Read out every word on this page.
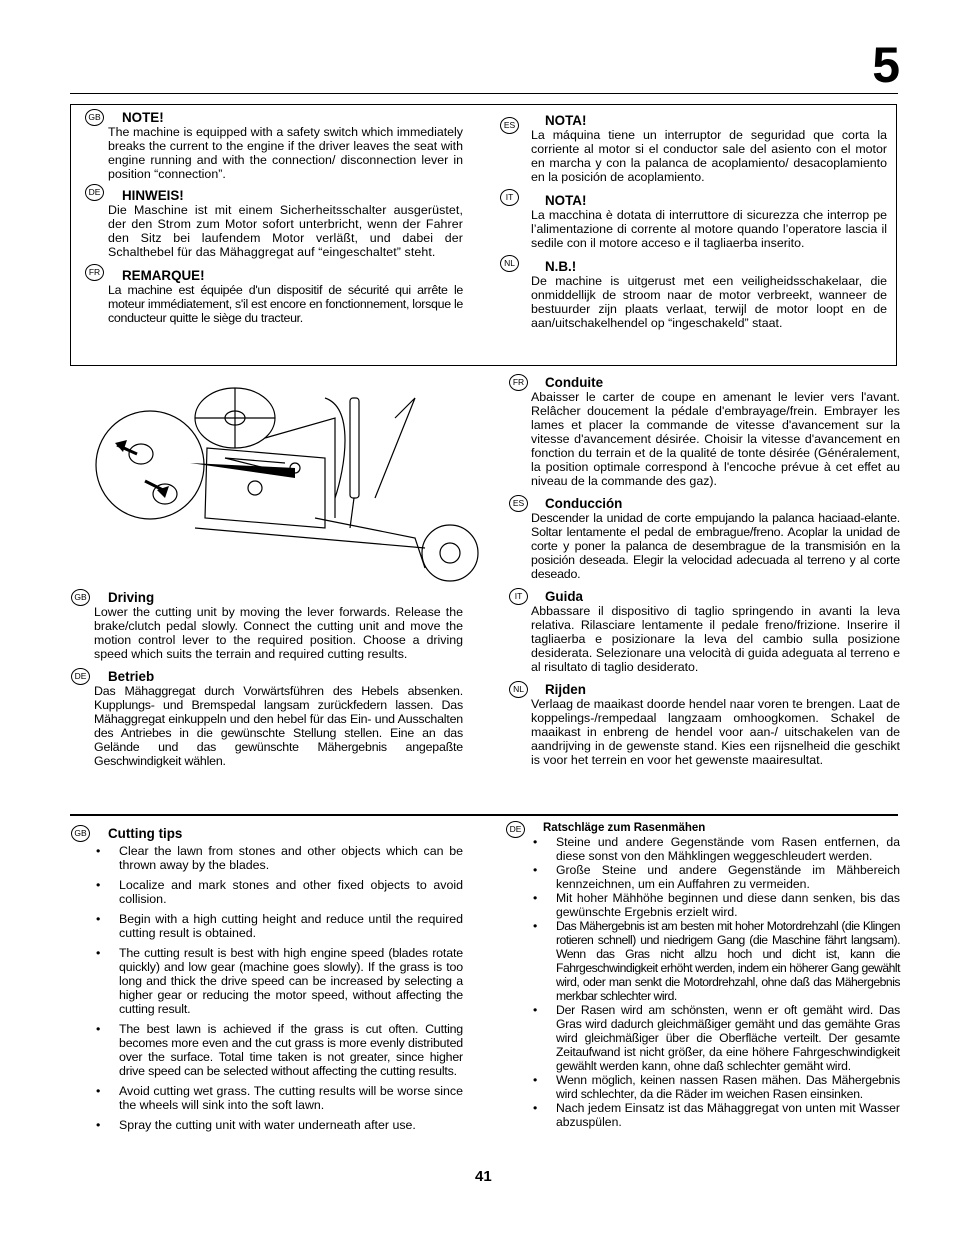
5
GB NOTE!

The machine is equipped with a safety switch which immediately breaks the current to the engine if the driver leaves the seat with engine running and with the connection/ disconnection lever in position “connection”.

DE HINWEIS!

Die Maschine ist mit einem Sicherheitsschalter ausgerüstet, der den Strom zum Motor sofort unterbricht, wenn der Fahrer den Sitz bei laufendem Motor verläßt, und dabei der Schalthebel für das Mähaggregat auf “eingeschaltet” steht.

FR REMARQUE!

La machine est équipée d'un dispositif de sécurité qui arrête le moteur immédiatement, s'il est encore en fonctionnement, lorsque le conducteur quitte le siège du tracteur.

ES NOTA!

La máquina tiene un interruptor de seguridad que corta la corriente al motor si el conductor sale del asiento con el motor en marcha y con la palanca de acoplamiento/ desacoplamiento en la posición de acoplamiento.

IT	NOTA!

La macchina è dotata di interruttore di sicurezza che interrop pe l’alimentazione di corrente al motore quando l’operatore lascia il sedile con il motore acceso e il tagliaerba inserito.

NL	N.B.!

De machine is uitgerust met een veiligheidsschakelaar, die onmiddellijk de stroom naar de motor verbreekt, wanneer de bestuurder zijn plaats verlaat, terwijl de motor loopt en de aan/uitschakelhendel op “ingeschakeld” staat.

GB Driving

Lower the cutting unit by moving the lever forwards. Release the brake/clutch pedal slowly. Connect the cutting unit and move the motion control lever to the required position. Choose a driving speed which suits the terrain and required cutting results.

DE Betrieb

Das Mähaggregat durch Vorwärtsführen des Hebels absenken. Kupplungs- und Bremspedal langsam zurückfedern lassen. Das Mähaggregat einkuppeln und den hebel für das Ein- und Ausschalten des Antriebes in die gewünschte Stellung stellen. Eine an das Gelände und das gewünschte Mähergebnis angepaßte Geschwindigkeit wählen.

FR Conduite

Abaisser le carter de coupe en amenant le levier vers l'avant. Relâcher doucement la pédale d'embrayage/frein. Embrayer les lames et placer la commande de vitesse d'avancement sur la vitesse d'avancement désirée. Choisir la vitesse d'avancement en fonction du terrain et de la qualité de tonte désirée (Généralement, la position optimale correspond à l'encoche prévue à cet effet au niveau de la commande des gaz).

ES Conducción

Descender la unidad de corte empujando la palanca haciaad-elante. Soltar lentamente el pedal de embrague/freno. Acoplar la unidad de corte y poner la palanca de desembrague de la transmisión en la posición deseada. Elegir la velocidad adecuada al terreno y al corte deseado.

IT	Guida

Abbassare il dispositivo di taglio springendo in avanti la leva relativa. Rilasciare lentamente il pedale freno/frizione. Inserire il tagliaerba e posizionare la leva del cambio sulla posizione desiderata. Selezionare una velocità di guida adeguata al terreno e al risultato di taglio desiderato.

NL	Rijden

Verlaag de maaikast doorde hendel naar voren te brengen. Laat de koppelings-/rempedaal langzaam omhoogkomen. Schakel de maaikast in enbreng de hendel voor aan-/ uitschakelen van de aandrijving in de gewenste stand. Kies een rijsnelheid die geschikt is voor het terrein en voor het gewenste maairesultat.

GB Cutting tips

• Clear the lawn from stones and other objects which can be thrown away by the blades.
• Localize and mark stones and other fixed objects to avoid collision.
• Begin with a high cutting height and reduce until the required cutting result is obtained.
• The cutting result is best with high engine speed (blades rotate quickly) and low gear (machine goes slowly). If the grass is too long and thick the drive speed can be increased by selecting a higher gear or reducing the motor speed, without affecting the cutting result.
• The best lawn is achieved if the grass is cut often. Cutting becomes more even and the cut grass is more evenly distributed over the surface. Total time taken is not greater, since higher drive speed can be selected without affecting the cutting results.
• Avoid cutting wet grass. The cutting results will be worse since the wheels will sink into the soft lawn.
• Spray the cutting unit with water underneath after use.
DE	Ratschläge zum Rasenmähen

• Steine und andere Gegenstände vom Rasen entfernen, da diese sonst von den Mähklingen weggeschleudert werden.
• Große Steine und andere Gegenstände im Mähbereich kennzeichnen, um ein Auffahren zu vermeiden.
• Mit hoher Mähhöhe beginnen und diese dann senken, bis das gewünschte Ergebnis erzielt wird.
• Das Mähergebnis ist am besten mit hoher Motordrehzahl (die Klingen rotieren schnell) und niedrigem Gang (die Maschine fährt langsam). Wenn das Gras nicht allzu hoch und dicht ist, kann die Fahrgeschwindigkeit erhöht werden, indem ein höherer Gang gewählt wird, oder man senkt die Motordrehzahl, ohne daß das Mähergebnis merkbar schlechter wird.
• Der Rasen wird am schönsten, wenn er oft gemäht wird. Das Gras wird dadurch gleichmäßiger gemäht und das gemähte Gras wird gleichmäßiger über die Oberfläche verteilt. Der gesamte Zeitaufwand ist nicht größer, da eine höhere Fahrgeschwindigkeit gewählt werden kann, ohne daß schlechter gemäht wird.
• Wenn möglich, keinen nassen Rasen mähen. Das Mähergebnis wird schlechter, da die Räder im weichen Rasen einsinken.
• Nach jedem Einsatz ist das Mähaggregat von unten mit Wasser abzuspülen.
41
